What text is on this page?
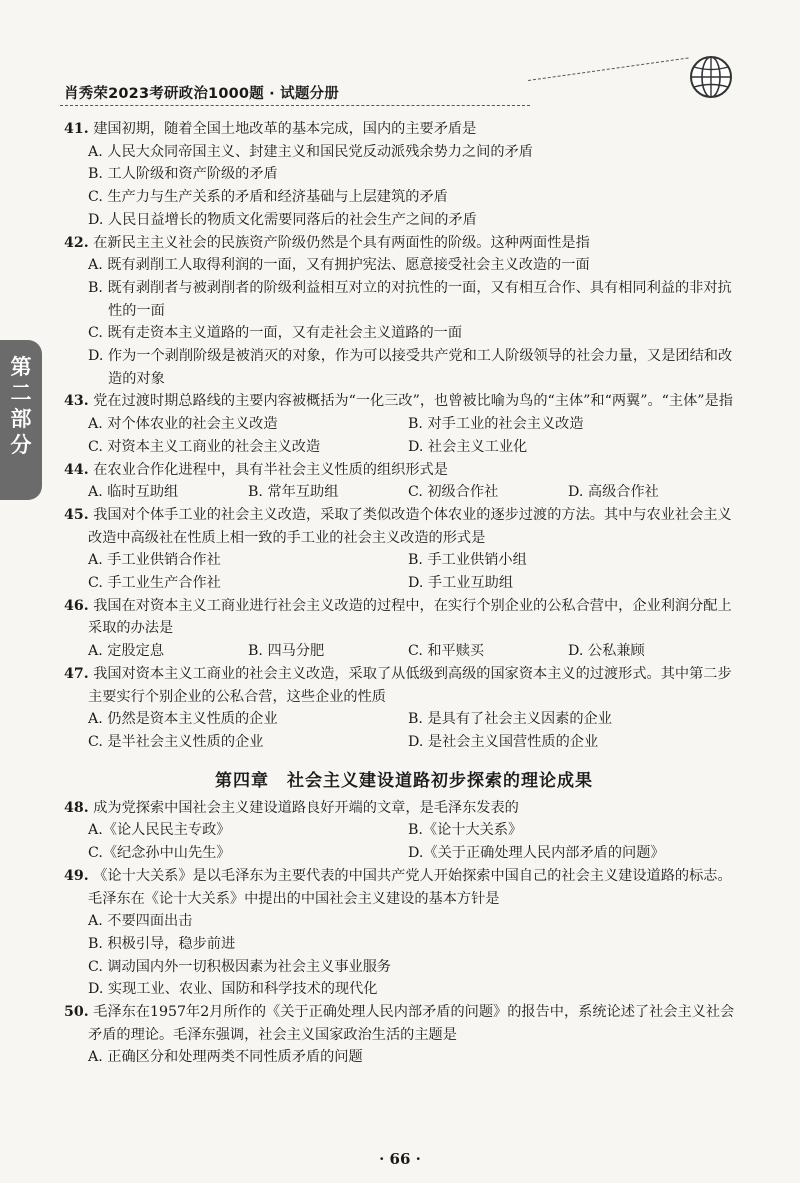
肖秀荣2023考研政治1000题 · 试题分册
第二部分
41. 建国初期，随着全国土地改革的基本完成，国内的主要矛盾是
A. 人民大众同帝国主义、封建主义和国民党反动派残余势力之间的矛盾
B. 工人阶级和资产阶级的矛盾
C. 生产力与生产关系的矛盾和经济基础与上层建筑的矛盾
D. 人民日益增长的物质文化需要同落后的社会生产之间的矛盾
42. 在新民主主义社会的民族资产阶级仍然是个具有两面性的阶级。这种两面性是指
A. 既有剥削工人取得利润的一面，又有拥护宪法、愿意接受社会主义改造的一面
B. 既有剥削者与被剥削者的阶级利益相互对立的对抗性的一面，又有相互合作、具有相同利益的非对抗性的一面
C. 既有走资本主义道路的一面，又有走社会主义道路的一面
D. 作为一个剥削阶级是被消灭的对象，作为可以接受共产党和工人阶级领导的社会力量，又是团结和改造的对象
43. 党在过渡时期总路线的主要内容被概括为“一化三改”，也曾被比喻为鸟的“主体”和“两翼”。“主体”是指
A. 对个体农业的社会主义改造	B. 对手工业的社会主义改造
C. 对资本主义工商业的社会主义改造	D. 社会主义工业化
44. 在农业合作化进程中，具有半社会主义性质的组织形式是
A. 临时互助组	B. 常年互助组	C. 初级合作社	D. 高级合作社
45. 我国对个体手工业的社会主义改造，采取了类似改造个体农业的逐步过渡的方法。其中与农业社会主义改造中高级社在性质上相一致的手工业的社会主义改造的形式是
A. 手工业供销合作社	B. 手工业供销小组
C. 手工业生产合作社	D. 手工业互助组
46. 我国在对资本主义工商业进行社会主义改造的过程中，在实行个别企业的公私合营中，企业利润分配上采取的办法是
A. 定股定息	B. 四马分肥	C. 和平赎买	D. 公私兼顾
47. 我国对资本主义工商业的社会主义改造，采取了从低级到高级的国家资本主义的过渡形式。其中第二步主要实行个别企业的公私合营，这些企业的性质
A. 仍然是资本主义性质的企业	B. 是具有了社会主义因素的企业
C. 是半社会主义性质的企业	D. 是社会主义国营性质的企业
第四章　社会主义建设道路初步探索的理论成果
48. 成为党探索中国社会主义建设道路良好开端的文章，是毛泽东发表的
A.《论人民民主专政》	B.《论十大关系》
C.《纪念孙中山先生》	D.《关于正确处理人民内部矛盾的问题》
49. 《论十大关系》是以毛泽东为主要代表的中国共产党人开始探索中国自己的社会主义建设道路的标志。毛泽东在《论十大关系》中提出的中国社会主义建设的基本方针是
A. 不要四面出击
B. 积极引导，稳步前进
C. 调动国内外一切积极因素为社会主义事业服务
D. 实现工业、农业、国防和科学技术的现代化
50. 毛泽东在1957年2月所作的《关于正确处理人民内部矛盾的问题》的报告中，系统论述了社会主义社会矛盾的理论。毛泽东强调，社会主义国家政治生活的主题是
A. 正确区分和处理两类不同性质矛盾的问题
· 66 ·
